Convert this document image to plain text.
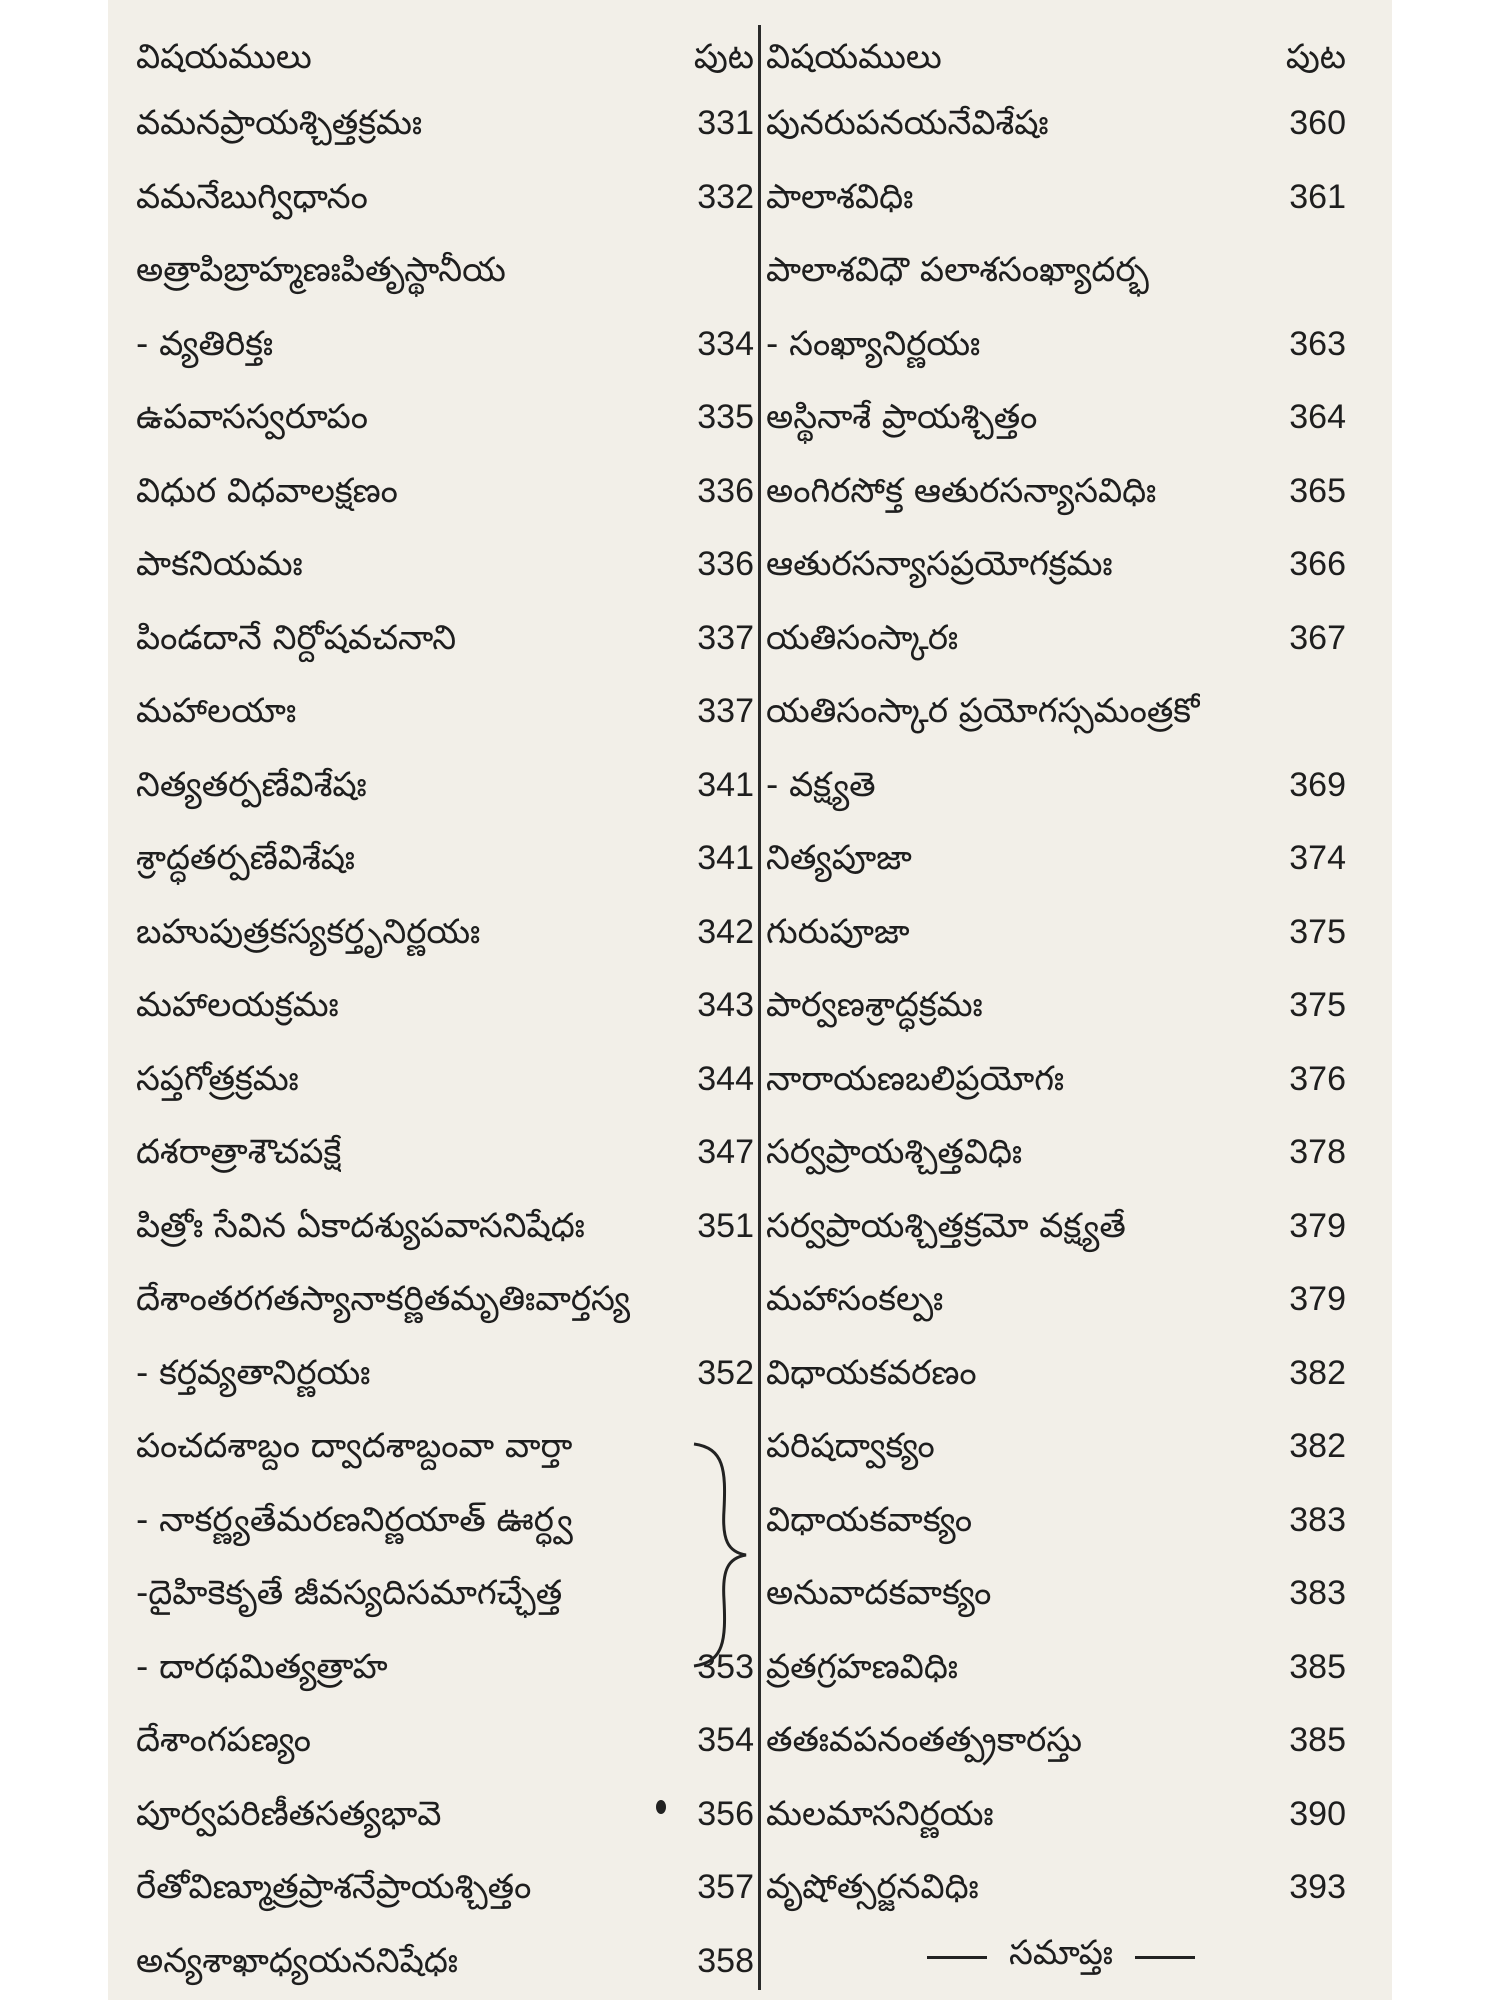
విషయములు	పుట
వమనప్రాయశ్చిత్తక్రమః	331
వమనేబుగ్విధానం	332
అత్రాపిబ్రాహ్మణఃపితృస్థానీయ
- వ్యతిరిక్తః	334
ఉపవాసస్వరూపం	335
విధుర విధవాలక్షణం	336
పాకనియమః	336
పిండదానే నిర్దోషవచనాని	337
మహాలయాః	337
నిత్యతర్పణేవిశేషః	341
శ్రాద్ధతర్పణేవిశేషః	341
బహుపుత్రకస్యకర్తృనిర్ణయః	342
మహాలయక్రమః	343
సప్తగోత్రక్రమః	344
దశరాత్రాశౌచపక్షే	347
పిత్రోః సేవిన ఏకాదశ్యుపవాసనిషేధః	351
దేశాంతరగతస్యానాకర్ణితమృతిఃవార్తస్య
- కర్తవ్యతానిర్ణయః	352
పంచదశాబ్దం ద్వాదశాబ్దంవా వార్తా
- నాకర్ణ్యతేమరణనిర్ణయాత్ ఊర్ధ్వ
-దైహికెకృతే జీవస్యదిసమాగచ్ఛేత్త
- దారథమిత్యత్రాహ	353
దేశాంగపణ్యం	354
పూర్వపరిణీతసత్యభావె	356
రేతోవిణ్మూత్రప్రాశనేప్రాయశ్చిత్తం	357
అన్యశాఖాధ్యయననిషేధః	358
విషయములు	పుట
పునరుపనయనేవిశేషః	360
పాలాశవిధిః	361
పాలాశవిధౌ పలాశసంఖ్యాదర్భ
- సంఖ్యానిర్ణయః	363
అస్థినాశే ప్రాయశ్చిత్తం	364
అంగిరసోక్త ఆతురసన్యాసవిధిః	365
ఆతురసన్యాసప్రయోగక్రమః	366
యతిసంస్కారః	367
యతిసంస్కార ప్రయోగస్సమంత్రకో
- వక్ష్యతె	369
నిత్యపూజా	374
గురుపూజా	375
పార్వణశ్రాద్ధక్రమః	375
నారాయణబలిప్రయోగః	376
సర్వప్రాయశ్చిత్తవిధిః	378
సర్వప్రాయశ్చిత్తక్రమో వక్ష్యతే	379
మహాసంకల్పః	379
విధాయకవరణం	382
పరిషద్వాక్యం	382
విధాయకవాక్యం	383
అనువాదకవాక్యం	383
వ్రతగ్రహణవిధిః	385
తతఃవపనంతత్ప్రకారస్తు	385
మలమాసనిర్ణయః	390
వృషోత్సర్జనవిధిః	393
సమాప్తః
